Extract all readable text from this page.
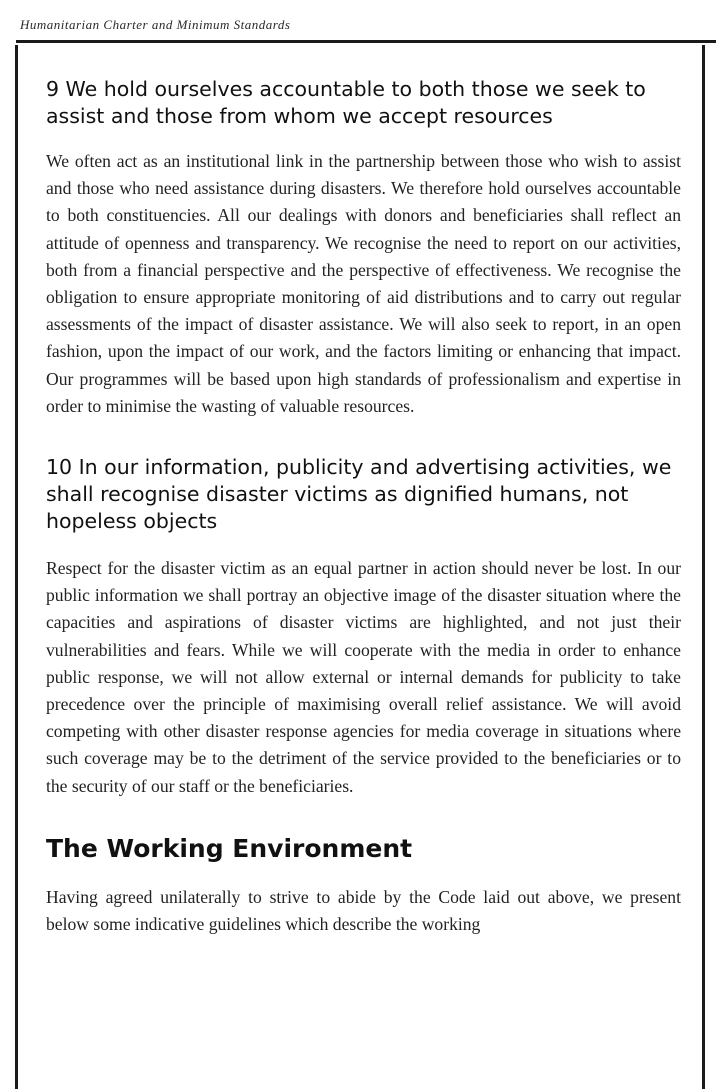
Humanitarian Charter and Minimum Standards
9 We hold ourselves accountable to both those we seek to assist and those from whom we accept resources

We often act as an institutional link in the partnership between those who wish to assist and those who need assistance during disasters. We therefore hold ourselves accountable to both constituencies. All our dealings with donors and beneficiaries shall reflect an attitude of openness and transparency. We recognise the need to report on our activities, both from a financial perspective and the perspective of effectiveness. We recognise the obligation to ensure appropriate monitoring of aid distributions and to carry out regular assessments of the impact of disaster assistance. We will also seek to report, in an open fashion, upon the impact of our work, and the factors limiting or enhancing that impact. Our programmes will be based upon high standards of professionalism and expertise in order to minimise the wasting of valuable resources.

10 In our information, publicity and advertising activities, we shall recognise disaster victims as dignified humans, not hopeless objects

Respect for the disaster victim as an equal partner in action should never be lost. In our public information we shall portray an objective image of the disaster situation where the capacities and aspirations of disaster victims are highlighted, and not just their vulnerabilities and fears. While we will cooperate with the media in order to enhance public response, we will not allow external or internal demands for publicity to take precedence over the principle of maximising overall relief assistance. We will avoid competing with other disaster response agencies for media coverage in situations where such coverage may be to the detriment of the service provided to the beneficiaries or to the security of our staff or the beneficiaries.

The Working Environment

Having agreed unilaterally to strive to abide by the Code laid out above, we present below some indicative guidelines which describe the working
